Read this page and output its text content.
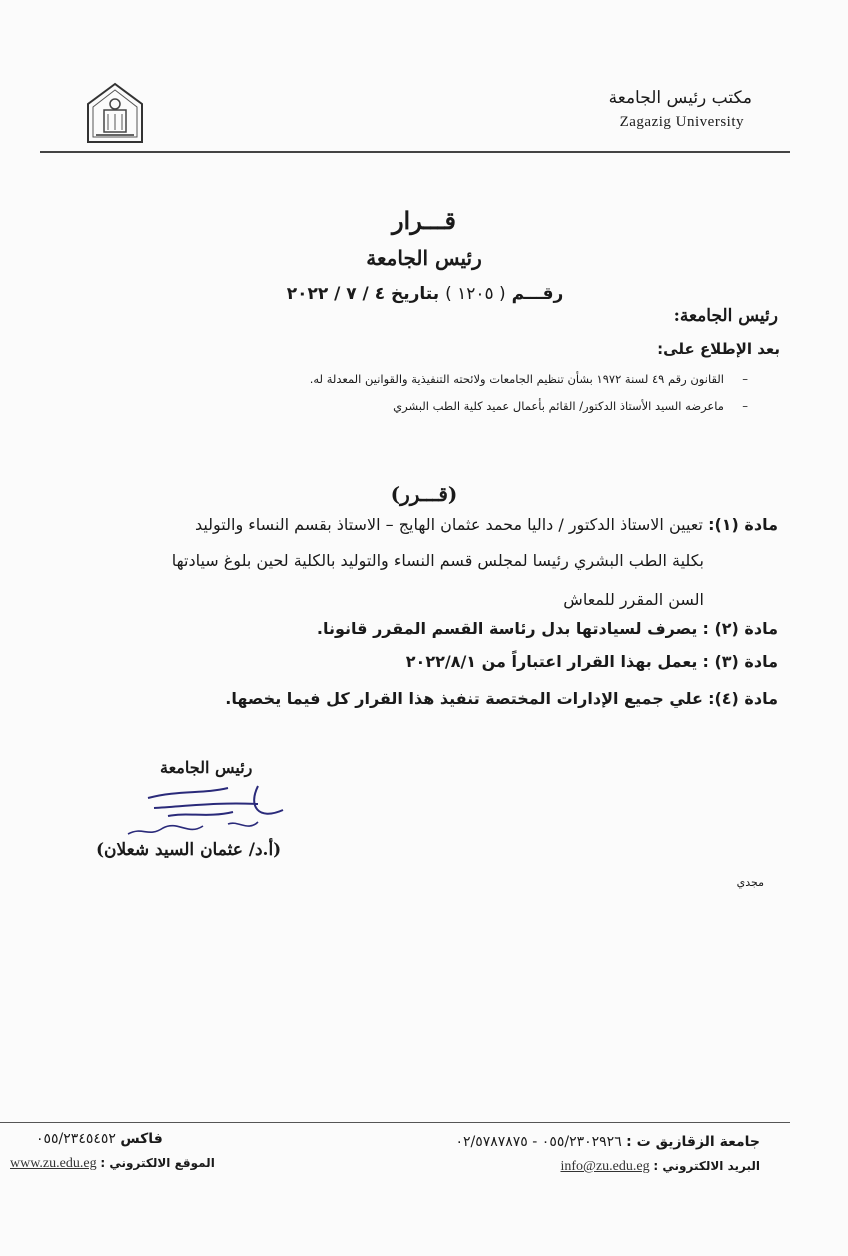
مكتب رئيس الجامعة
Zagazig University
قـــرار
رئيس الجامعة
رقـــم ( ١٢٠٥ ) بتاريخ ٤ / ٧ / ٢٠٢٢
رئيس الجامعة:
بعد الإطلاع على:
–     القانون رقم ٤٩ لسنة ١٩٧٢ بشأن تنظيم الجامعات ولائحته التنفيذية والقوانين المعدلة له.
–     ماعرضه السيد الأستاذ الدكتور/ القائم بأعمال عميد كلية الطب البشري
(قـــرر)
مادة (١): تعيين الاستاذ الدكتور / داليا محمد عثمان الهايج – الاستاذ بقسم النساء والتوليد
بكلية الطب البشري رئيسا لمجلس قسم النساء والتوليد بالكلية لحين بلوغ سيادتها
السن المقرر للمعاش
مادة (٢) : يصرف لسيادتها بدل رئاسة القسم المقرر قانونا.
مادة (٣) : يعمل بهذا القرار اعتباراً من ٢٠٢٢/٨/١
مادة (٤): علي جميع الإدارات المختصة تنفيذ هذا القرار كل فيما يخصها.
رئيس الجامعة
(أ.د/ عثمان السيد شعلان)
مجدي
جامعة الزقازيق ت : ٠٥٥/٢٣٠٢٩٢٦ - ٠٢/٥٧٨٧٨٧٥
فاكس ٠٥٥/٢٣٤٥٤٥٢
البريد الالكتروني : info@zu.edu.eg
الموقع الالكتروني : www.zu.edu.eg
